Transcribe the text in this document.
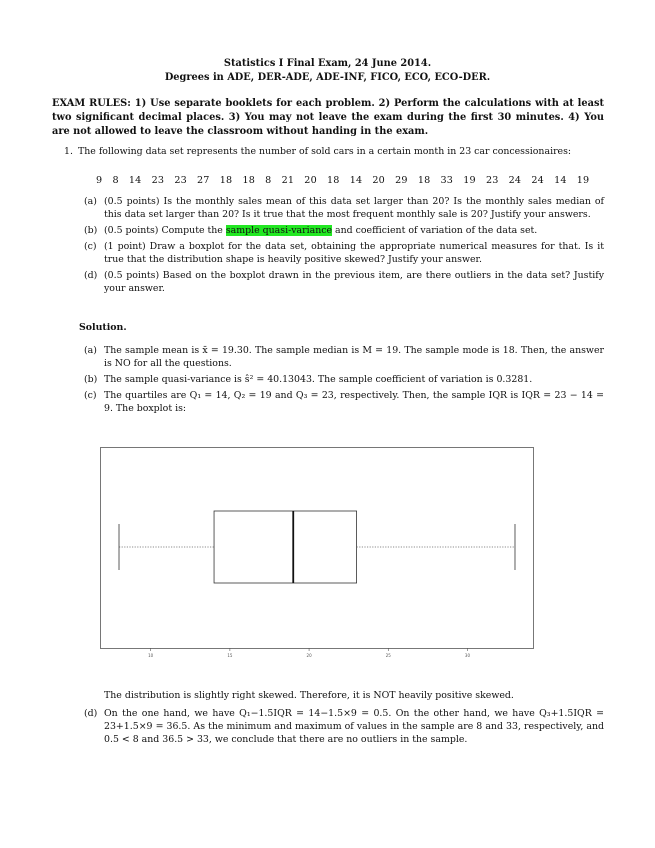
Statistics I Final Exam, 24 June 2014.
Degrees in ADE, DER-ADE, ADE-INF, FICO, ECO, ECO-DER.
EXAM RULES: 1) Use separate booklets for each problem. 2) Perform the calculations with at least two significant decimal places. 3) You may not leave the exam during the first 30 minutes. 4) You are not allowed to leave the classroom without handing in the exam.
1. The following data set represents the number of sold cars in a certain month in 23 car concessionaires:
9 8 14 23 23 27 18 18 8 21 20 18 14 20 29 18 33 19 23 24 24 14 19
(a) (0.5 points) Is the monthly sales mean of this data set larger than 20? Is the monthly sales median of this data set larger than 20? Is it true that the most frequent monthly sale is 20? Justify your answers.
(b) (0.5 points) Compute the sample quasi-variance and coefficient of variation of the data set.
(c) (1 point) Draw a boxplot for the data set, obtaining the appropriate numerical measures for that. Is it true that the distribution shape is heavily positive skewed? Justify your answer.
(d) (0.5 points) Based on the boxplot drawn in the previous item, are there outliers in the data set? Justify your answer.
Solution.
(a) The sample mean is x̄ = 19.30. The sample median is M = 19. The sample mode is 18. Then, the answer is NO for all the questions.
(b) The sample quasi-variance is ŝ² = 40.13043. The sample coefficient of variation is 0.3281.
(c) The quartiles are Q₁ = 14, Q₂ = 19 and Q₃ = 23, respectively. Then, the sample IQR is IQR = 23 − 14 = 9. The boxplot is:
10	15	20	25	30
The distribution is slightly right skewed. Therefore, it is NOT heavily positive skewed.
(d) On the one hand, we have Q₁−1.5IQR = 14−1.5×9 = 0.5. On the other hand, we have Q₃+1.5IQR = 23+1.5×9 = 36.5. As the minimum and maximum of values in the sample are 8 and 33, respectively, and 0.5 < 8 and 36.5 > 33, we conclude that there are no outliers in the sample.
